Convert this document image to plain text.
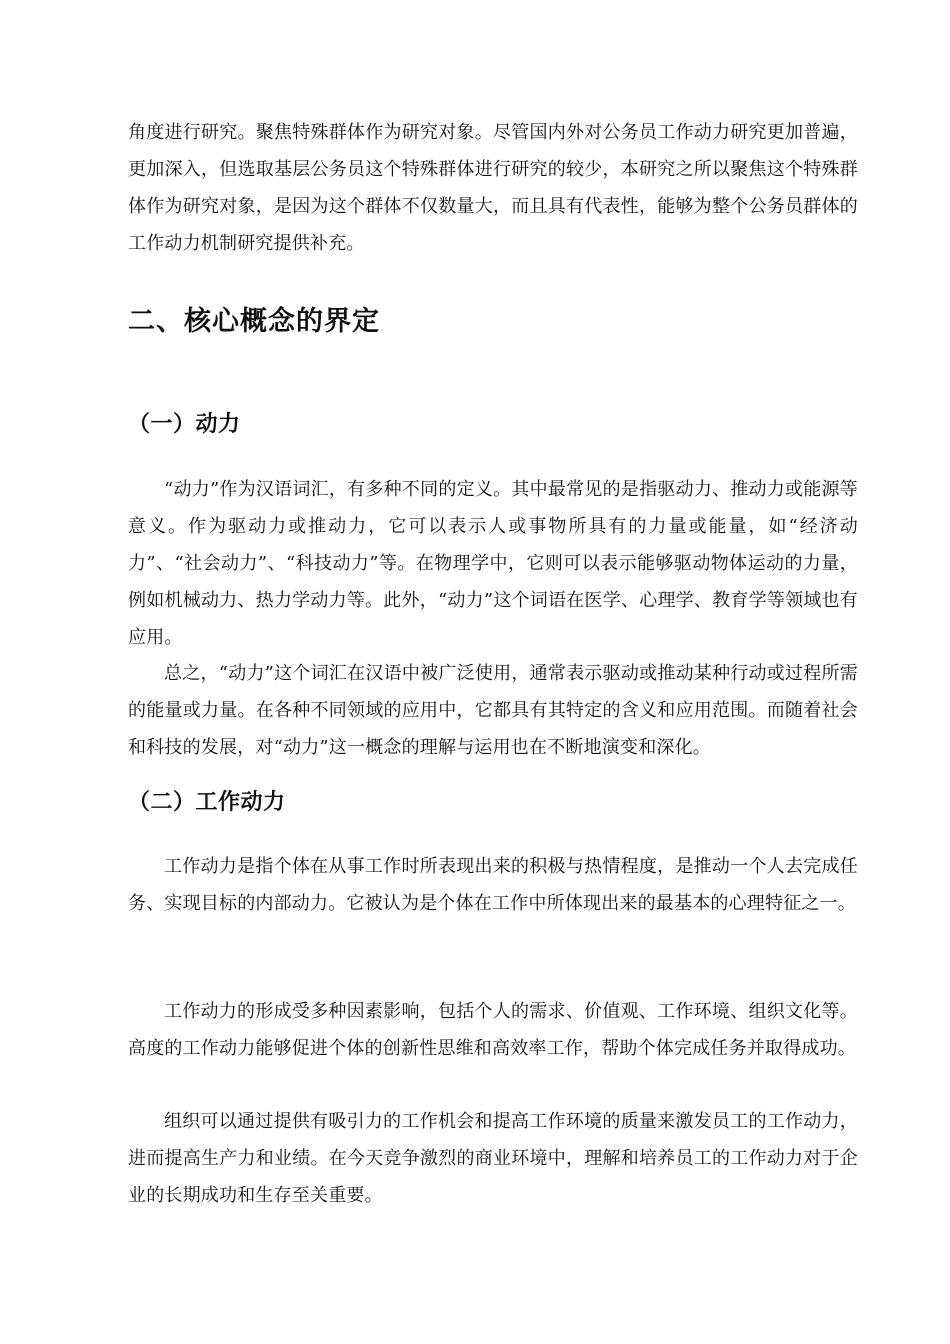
角度进行研究。聚焦特殊群体作为研究对象。尽管国内外对公务员工作动力研究更加普遍，更加深入，但选取基层公务员这个特殊群体进行研究的较少，本研究之所以聚焦这个特殊群体作为研究对象，是因为这个群体不仅数量大，而且具有代表性，能够为整个公务员群体的工作动力机制研究提供补充。

二、核心概念的界定
（一）动力

“动力”作为汉语词汇，有多种不同的定义。其中最常见的是指驱动力、推动力或能源等意义。作为驱动力或推动力，它可以表示人或事物所具有的力量或能量，如“经济动力”、“社会动力”、“科技动力”等。在物理学中，它则可以表示能够驱动物体运动的力量，例如机械动力、热力学动力等。此外，“动力”这个词语在医学、心理学、教育学等领域也有应用。

总之，“动力”这个词汇在汉语中被广泛使用，通常表示驱动或推动某种行动或过程所需的能量或力量。在各种不同领域的应用中，它都具有其特定的含义和应用范围。而随着社会和科技的发展，对“动力”这一概念的理解与运用也在不断地演变和深化。

（二）工作动力

工作动力是指个体在从事工作时所表现出来的积极与热情程度，是推动一个人去完成任务、实现目标的内部动力。它被认为是个体在工作中所体现出来的最基本的心理特征之一。

工作动力的形成受多种因素影响，包括个人的需求、价值观、工作环境、组织文化等。高度的工作动力能够促进个体的创新性思维和高效率工作，帮助个体完成任务并取得成功。

组织可以通过提供有吸引力的工作机会和提高工作环境的质量来激发员工的工作动力，进而提高生产力和业绩。在今天竞争激烈的商业环境中，理解和培养员工的工作动力对于企业的长期成功和生存至关重要。
